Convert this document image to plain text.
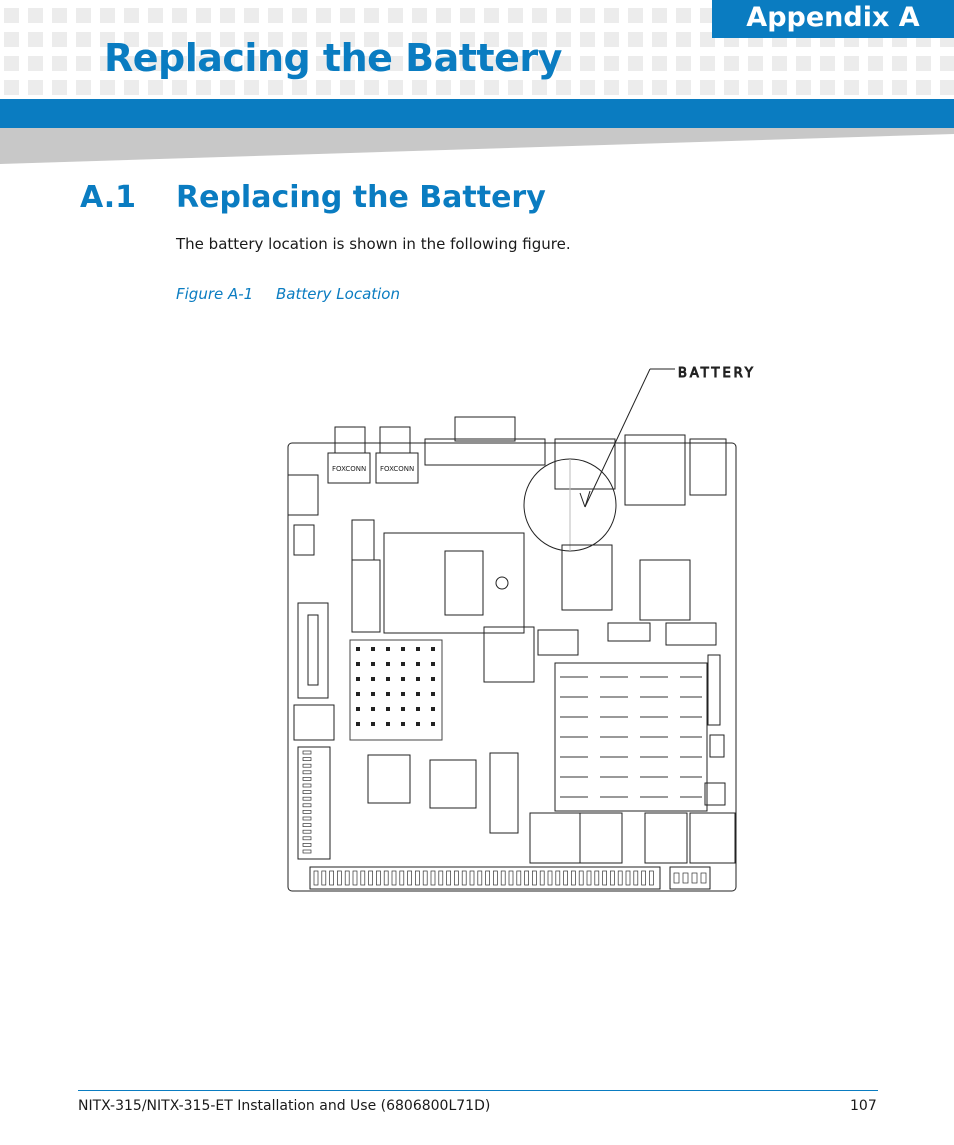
Appendix A
Replacing the Battery
A.1 Replacing the Battery
The battery location is shown in the following figure.
Figure A-1 Battery Location
BATTERY
FOXCONN FOXCONN
NITX-315/NITX-315-ET Installation and Use (6806800L71D)	107
